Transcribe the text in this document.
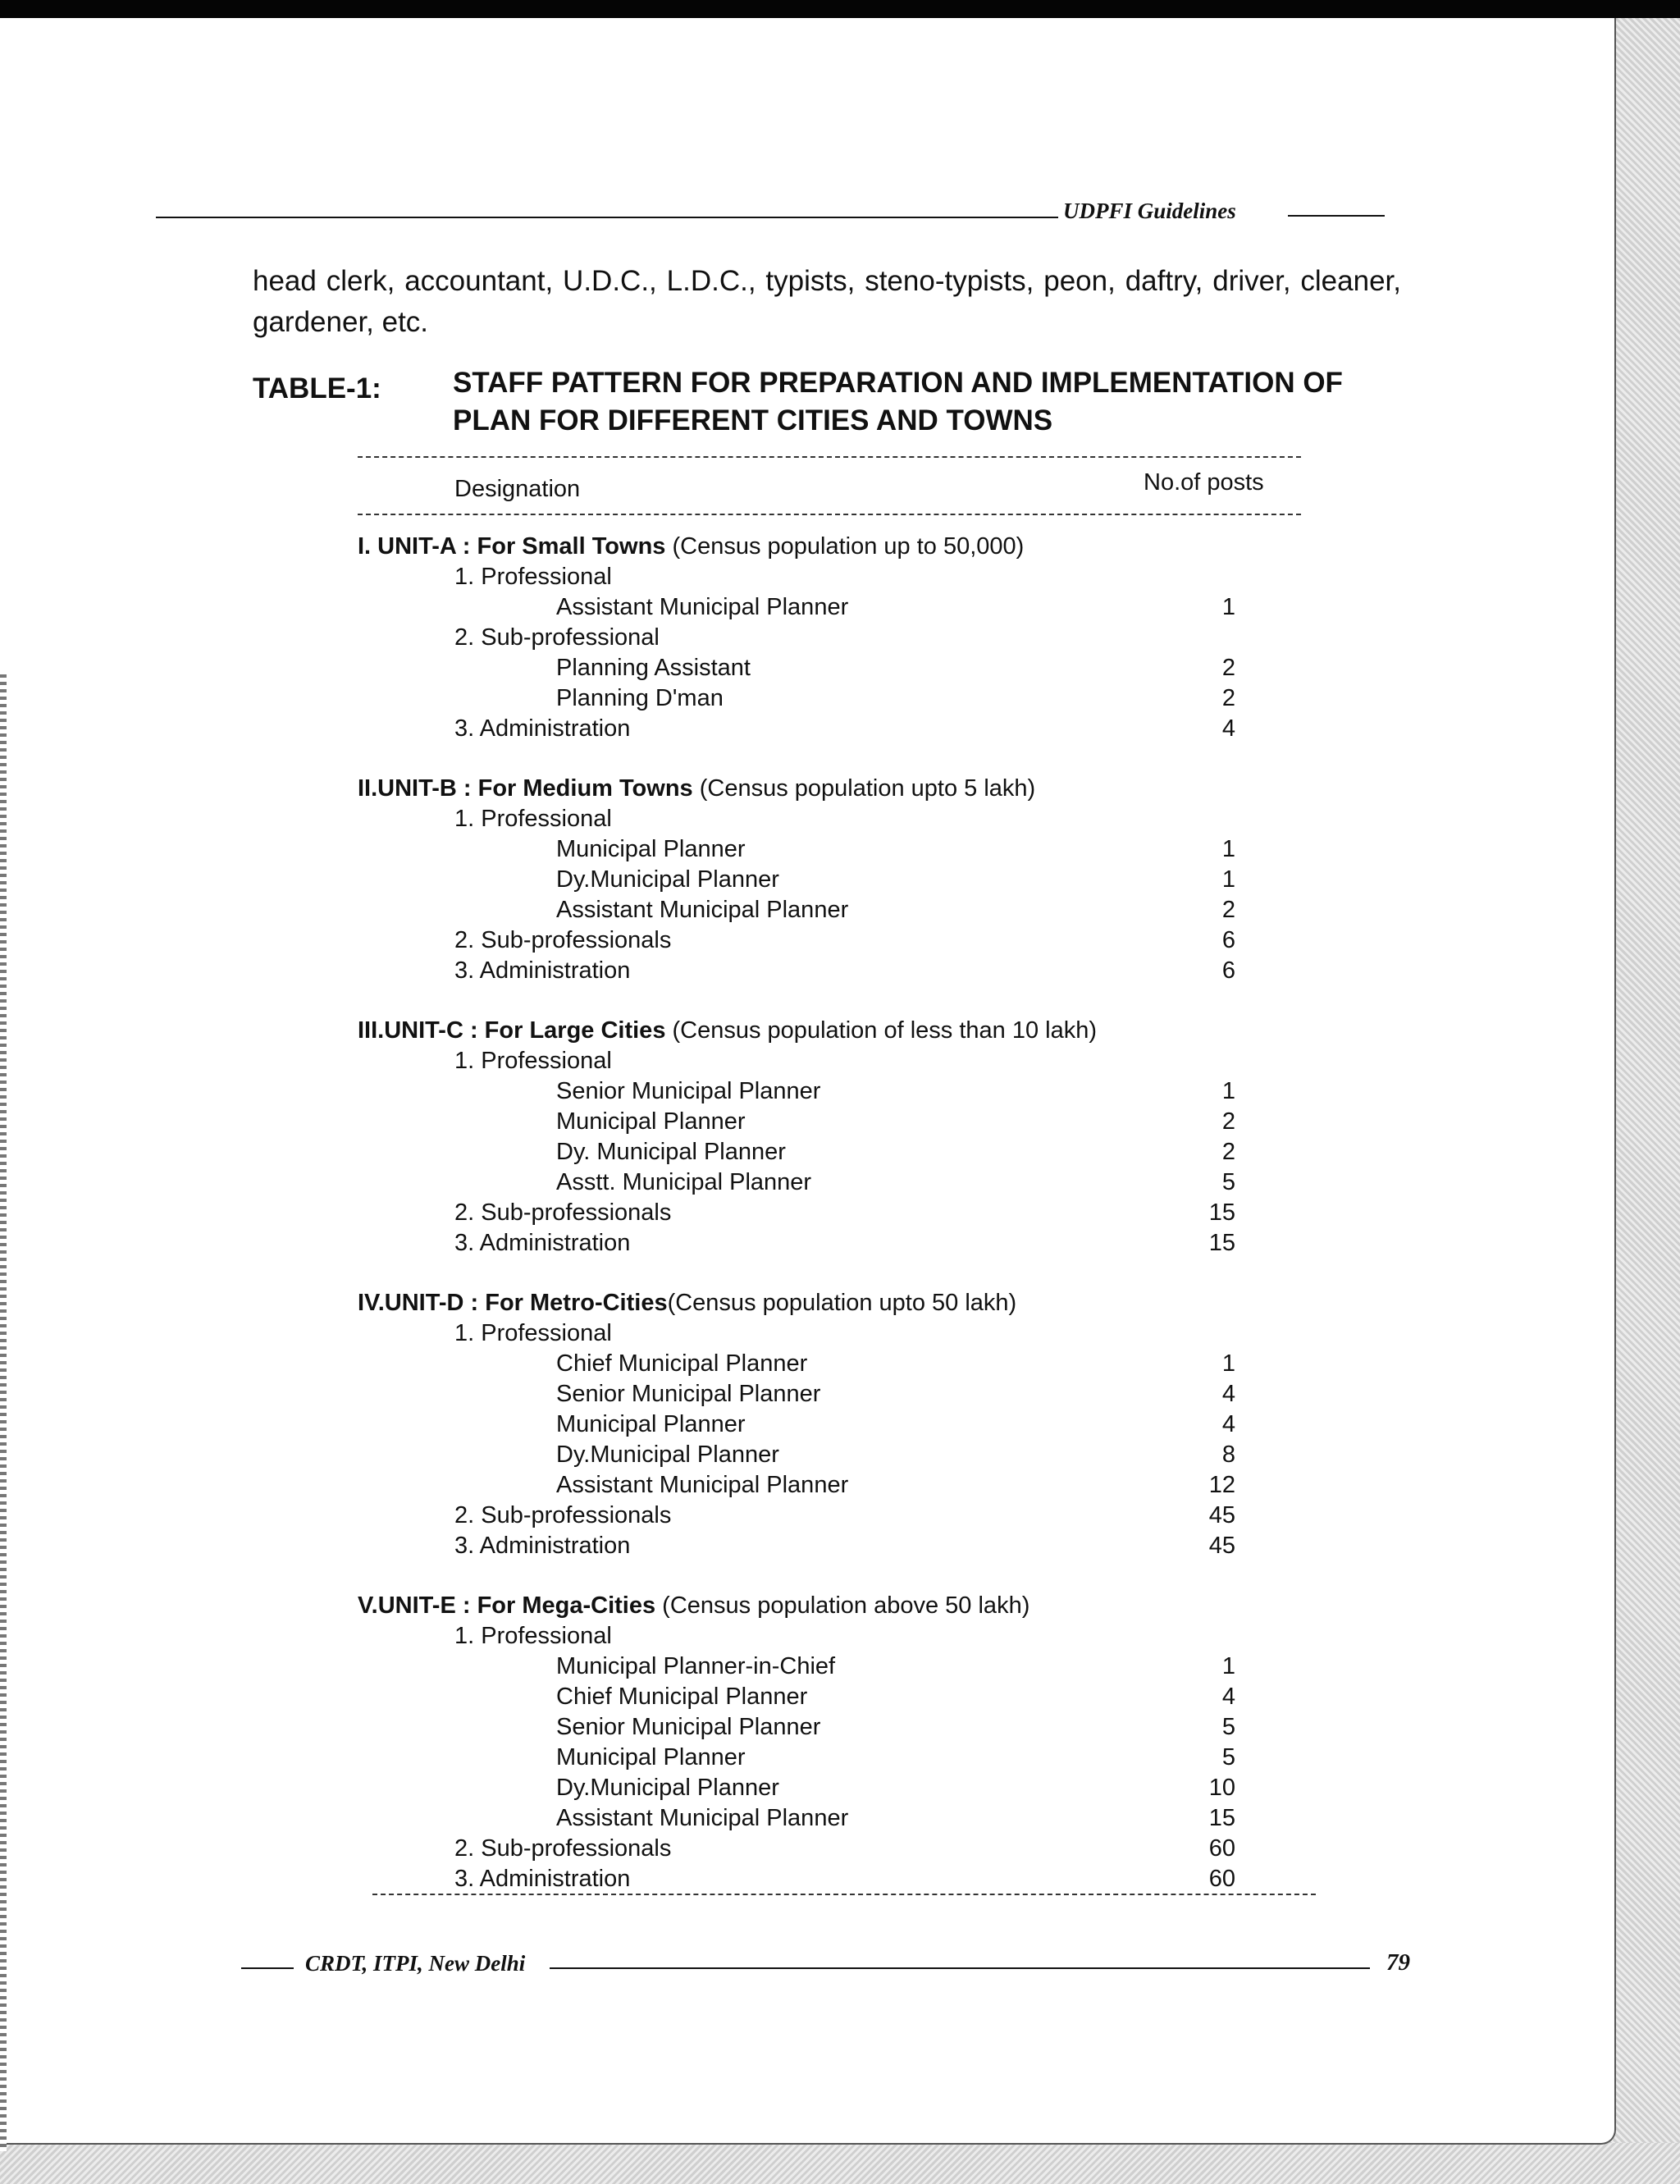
UDPFI Guidelines
head clerk, accountant, U.D.C., L.D.C., typists, steno-typists, peon, daftry, driver, cleaner, gardener, etc.
TABLE-1: STAFF PATTERN FOR PREPARATION AND IMPLEMENTATION OF PLAN FOR DIFFERENT CITIES AND TOWNS
Designation	No.of posts
I. UNIT-A : For Small Towns (Census population up to 50,000)
1. Professional
Assistant Municipal Planner	1
2. Sub-professional
Planning Assistant	2
Planning D'man	2
3. Administration	4
II.UNIT-B : For Medium Towns (Census population upto 5 lakh)
1. Professional
Municipal Planner	1
Dy.Municipal Planner	1
Assistant Municipal Planner	2
2. Sub-professionals	6
3. Administration	6
III.UNIT-C : For Large Cities (Census population of less than 10 lakh)
1. Professional
Senior Municipal Planner	1
Municipal Planner	2
Dy. Municipal Planner	2
Asstt. Municipal Planner	5
2. Sub-professionals	15
3. Administration	15
IV.UNIT-D : For Metro-Cities(Census population upto 50 lakh)
1. Professional
Chief Municipal Planner	1
Senior Municipal Planner	4
Municipal Planner	4
Dy.Municipal Planner	8
Assistant Municipal Planner	12
2. Sub-professionals	45
3. Administration	45
V.UNIT-E : For Mega-Cities (Census population above 50 lakh)
1. Professional
Municipal Planner-in-Chief	1
Chief Municipal Planner	4
Senior Municipal Planner	5
Municipal Planner	5
Dy.Municipal Planner	10
Assistant Municipal Planner	15
2. Sub-professionals	60
3. Administration	60
CRDT, ITPI, New Delhi	79
